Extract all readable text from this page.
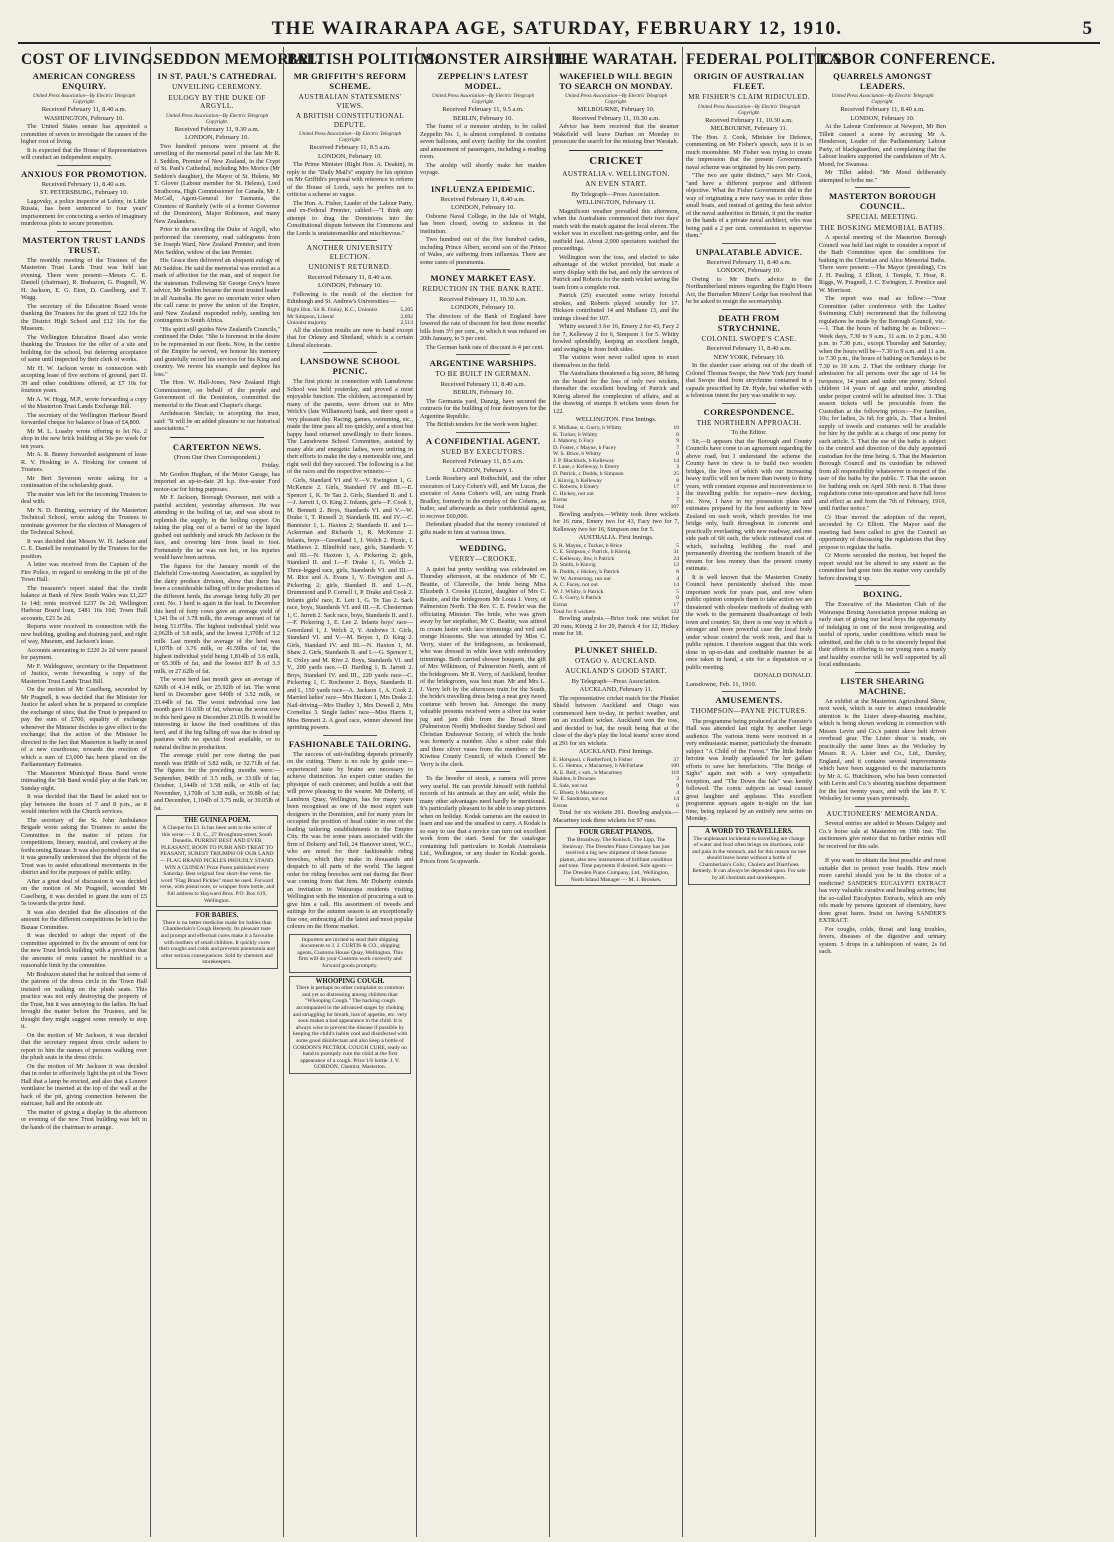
THE WAIRARAPA AGE, SATURDAY, FEBRUARY 12, 1910.	5
COST OF LIVING.
AMERICAN CONGRESS ENQUIRY.
United Press Association—By Electric Telegraph Copyright.
Received February 11, 8.40 a.m.
WASHINGTON, February 10.

The United States senate has appointed a committee of seven to investigate the causes of the higher cost of living.

It is expected that the House of Representatives will conduct an independent enquiry.

ANXIOUS FOR PROMOTION.
Received February 11, 8.40 a.m.
ST. PETERSBURG, February 10.

Lagovsky, a police inspector at Lubny, in Little Russia, has been sentenced to four years' imprisonment for concocting a series of imaginary murderous plots to secure promotion.

MASTERTON TRUST LANDS TRUST.

The monthly meeting of the Trustees of the Masterton Trust Lands Trust was held last evening. There were present:—Messrs C. E. Daniell (chairman), R. Brabazon, G. Pragnell, W. H. Jackson, E. G. Eton, D. Caselberg, and T. Wagg.

The secretary of the Education Board wrote thanking the Trustees for the grant of £22 10s for the District High School and £12 10s for the Museum.

The Wellington Education Board also wrote thanking the Trustees for the offer of a site and building for the school, but deferring acceptance of same until inspected by their clerk of works.

Mr H. W. Jackson wrote in connection with accepting lease of five sections of ground, part D. 39 and other conditions offered, at £7 10s for fourteen years.

Mr A. W. Hogg, M.P., wrote forwarding a copy of the Masterton Trust Lands Exchange Bill.

The secretary of the Wellington Harbour Board forwarded cheque for balance of loan of £4,800.

Mr M. L. Loasby wrote offering to let No. 2 shop in the new brick building at 50s per week for ten years.

Mr A. R. Bunny forwarded assignment of lease R. V. Hosking to A. Hosking for consent of Trustees.

Mr Bert Syverson wrote asking for a continuation of the scholarship grant.

The matter was left for the incoming Trustees to deal with.

Mr N. D. Bunting, secretary of the Masterton Technical School, wrote asking the Trustees to nominate governor for the election of Managers of the Technical School.

It was decided that Messrs W. H. Jackson and C. E. Daniell be nominated by the Trustees for the position.

A letter was received from the Captain of the Fire Police, in regard to smoking in the pit of the Town Hall.

The treasurer's report stated that the credit balance at Bank of New South Wales was £1,227 1s 14d; rents received £237 0s 2d; Wellington Harbour Board loan, £481 16s 10d; Town Hall accounts, £23 5s 2d.

Reports were received in connection with the new building, grading and draining yard, and right of way, Museum, and Jackson's lease.

Accounts amounting to £220 2s 2d were passed for payment.

Mr F. Waldegrave, secretary to the Department of Justice, wrote forwarding a copy of the Masterton Trust Lands Trust Bill.

On the motion of Mr Caselberg, seconded by Mr Pragnell, it was decided that the Minister for Justice be asked when he is prepared to complete the exchange of sites; that the Trust is prepared to pay the sum of £700, equality of exchange whenever the Minister decides to give effect to the exchange; that the action of the Minister be directed to the fact that Masterton is badly in need of a new courthouse, towards the erection of which a sum of £3,000 has been placed on the Parliamentary Estimates.

The Masterton Municipal Brass Band wrote intimating the 5th Band would play at the Park on Sunday night.

It was decided that the Band be asked not to play between the hours of 7 and 8 p.m., as it would interfere with the Church services.

The secretary of the St. John Ambulance Brigade wrote asking the Trustees to assist the Committee in the matter of prizes for competitions, literary, musical, and cookery at the forthcoming Bazaar. It was also pointed out that as it was generally understood that the objects of the Trust was to assist educational movements in the district and for the purposes of public utility.

After a great deal of discussion it was decided on the motion of Mr Pragnell, seconded Mr Caselberg, it was decided to grant the sum of £5 5s towards the prize fund.

It was also decided that the allocation of the amount for the different competitions be left to the Bazaar Committee.

It was decided to adopt the report of the committee appointed to fix the amount of rent for the new Trust brick building with a provision that the amounts of rents cannot be modified to a reasonable limit by the committee.

Mr Brabazon stated that he noticed that some of the patrons of the dress circle in the Town Hall insisted on walking on the plush seats. This practice was not only destroying the property of the Trust, but it was annoying to the ladies. He had brought the matter before the Trustees, and he thought they might suggest some remedy to stop it.

On the motion of Mr Jackson, it was decided that the secretary request dress circle ushers to report to him the names of persons walking over the plush seats in the dress circle.

On the motion of Mr Jackson it was decided that in order to effectively light the pit of the Town Hall that a lamp be erected, and also that a Louvre ventilator be inserted at the top of the wall at the back of the pit, giving connection between the staircase, hall and the outside air.

The matter of giving a display in the afternoon or evening of the new Trust building was left in the hands of the chairman to arrange.

SEDDON MEMORIAL.
IN ST. PAUL'S CATHEDRAL
UNVEILING CEREMONY.
EULOGY BY THE DUKE OF ARGYLL.
United Press Association—By Electric Telegraph Copyright.
Received February 11, 9.30 a.m.
LONDON, February 10.

Two hundred persons were present at the unveiling of the memorial panel of the late Mr R. J. Seddon, Premier of New Zealand, in the Crypt of St. Paul's Cathedral, including Mrs Morice (Mr Seddon's daughter), the Mayor of St. Helens, Mr T. Glover (Labour member for St. Helens), Lord Strathcona, High Commissioner for Canada, Mr J. McCall, Agent-General for Tasmania, the Countess of Ranfurly (wife of a former Governor of the Dominion), Major Robinson, and many New Zealanders.

Prior to the unveiling the Duke of Argyll, who performed the ceremony, read cablegrams from Sir Joseph Ward, New Zealand Premier, and from Mrs Seddon, widow of the late Premier.

His Grace then delivered an eloquent eulogy of Mr Seddon. He said the memorial was erected as a mark of affection for the man, and of respect for the statesman. Following Sir George Grey's brave advice, Mr Seddon became the most trusted leader in all Australia. He gave no uncertain voice when the call came to prove the union of the Empire, and New Zealand responded nobly, sending ten contingents to South Africa.

"His spirit still guides New Zealand's Councils," continued the Duke. "She is foremost in the desire to be represented in our fleets. Now, in the centre of the Empire he served, we honour his memory and gratefully record his services for his King and country. We revere his example and deplore his loss."

The Hon. W. Hall-Jones, New Zealand High Commissioner, on behalf of the people and Government of the Dominion, committed the memorial to the Dean and Chapter's charge.

Archdeacon Sinclair, in accepting the trust, said: "It will be an added pleasure to our historical associations."

CARTERTON NEWS.
(From Our Own Correspondent.)
Friday.

Mr Gordon Hughan, of the Motor Garage, has imported an up-to-date 20 h.p. five-seater Ford motor-car for hiring purposes.

Mr F. Jackson, Borough Overseer, met with a painful accident, yesterday afternoon. He was attending to the boiling of tar, and was about to replenish the supply, in the boiling copper. On taking the plug out of a barrel of tar the liquid gushed out suddenly and struck Mr Jackson in the face, and covering him from head to foot. Fortunately the tar was not hot, or his injuries would have been serious.

The figures for the January month of the Dalefield Cow-testing Association, as supplied by the dairy produce division, show that there has been a considerable falling off in the production of the different herds, the average being fully 20 per cent. No. 1 herd is again in the lead. In December this herd of forty cows gave an average yield of 1,341 lbs of 3.78 milk, the average amount of fat being 51.07lbs. The highest individual yield was 2,062lb of 3.8 milk, and the lowest 1,370lb of 3.2 milk. Last month the average of the herd was 1,107lb of 3.76 milk, or 41.59lbs of fat, the highest individual yield being 1,814lb of 3.6 milk, or 65.30lb of fat, and the lowest 837 lb of 3.3 milk, or 27.62lb of fat.

The worst herd last month gave an average of 626lb of 4.14 milk, or 25.92lb of fat. The worst herd in December gave 949lb of 3.52 milk, or 33.44lb of fat. The worst individual cow last month gave 16.03lb of fat, whereas the worst cow in this herd gave in December 23.01lb. It would be interesting to know the feed conditions of this herd, and if the big falling off was due to dried up pastures with no special food available, or to natural decline in production.

The average yield per cow during the past month was 858lb of 3.82 milk, or 32.71lb of fat. The figures for the preceding months were:—September, 840lb of 3.5 milk, or 33.0lb of fat; October, 1,144lb of 3.58 milk, or 41lb of fat; November, 1,170lb of 3.38 milk, or 39.8lb of fat; and December, 1,104lb of 3.75 milk, or 39.05lb of fat.

THE GUINEA POEM.
A Cheque for £1 1s has been sent to the writer of this verse:— J. B. C., 27 Broughton-street, South Dunedin. PURRIST BEST AND EVER PLEASANT, BOON TO PURR AND TREAT TO PEASANT, SUREST TRIUMPH OF OUR LAND— FLAG BRAND PICKLES PROUDLY STAND. WIN A GUINEA! Prize Poem published every Saturday. Best original four short-line verse, the word "Flag Brand Pickles" must be used. Forward verse, with postal note, or wrapper from bottle, and full address to Hayward Bros. P.O. Box 619, Wellington.
FOR BABIES.
There is no better medicine made for babies than Chamberlain's Cough Remedy. Its pleasant taste and prompt and effectual cures make it a favourite with mothers of small children. It quickly cures their coughs and colds and prevents pneumonia and other serious consequences. Sold by chemists and storekeepers.
BRITISH POLITICS.
MR GRIFFITH'S REFORM SCHEME.
AUSTRALIAN STATESMENS' VIEWS.
A BRITISH CONSTITUTIONAL DEPUTE.
United Press Association—By Electric Telegraph Copyright.
Received February 11, 8.5 a.m.
LONDON, February 10.

The Prime Minister (Right Hon. A. Deakin), in reply to the "Daily Mail's" enquiry for his opinion on Mr Griffith's proposal with reference to reform of the House of Lords, says he prefers not to criticise a scheme so vague.

The Hon. A. Fisher, Leader of the Labour Party, and ex-Federal Premier, cabled:—"I think any attempt to drag the Dominions into the Constitutional dispute between the Commons and the Lords is unstatesmanlike and mischievous."

ANOTHER UNIVERSITY ELECTION.
UNIONIST RETURNED.
Received February 11, 8.40 a.m.
LONDON, February 10.

Following is the result of the election for Edinburgh and St. Andrew's Universities:—

Right Hon. Sir R. Finlay, K.C., Unionist	5,205

Mr Simpson, Liberal	2,692

Unionist majority	2,513

All the election results are now to hand except that for Orkney and Shetland, which is a certain Liberal electorate.

LANSDOWNE SCHOOL PICNIC.

The first picnic in connection with Lansdowne School was held yesterday, and proved a most enjoyable function. The children, accompanied by many of the parents, were driven out to Mrs Welch's (late Williamson) bank, and there spent a very pleasant day. Racing, games, swimming, etc., made the time pass all too quickly, and a stout but happy band returned unwillingly to their homes. The Lansdowne School Committee, assisted by many able and energetic ladies, were untiring in their efforts to make the day a memorable one, and right well did they succeed. The following is a list of the races and the respective winners:—

Girls, Standard VI and V.—V. Ewington 1, G. McKenzie 2. Girls, Standard IV and III.—E. Spencer 1, K. Te Tau 2. Girls, Standard II. and I.—J. Jarrett 1, O. King 2. Infants, girls—F. Cook 1, M. Bennett 2. Boys, Standards VI. and V.—W. Drake 1, T. Russell 2; Standards III. and IV.—C. Bannister 1, L. Haxton 2; Standards II. and I.—Ackerman and Richards 1, R. McKenzie 2. Infants, boys—Greenland 1, J. Welch 2. Picnic, I. Matthews 2. Blindfold race, girls, Standards V. and III.—N. Haxton 1, A. Pickering 2; girls, Standard II. and I.—F. Drake 1, G. Welch 2. Three-legged race, girls, Standards VI. and III.—M. Rice and A. Evans 1, V. Ewington and A. Pickering 2; girls, Standard II. and I.—N. Drummond and P. Cornell 1, P. Drake and Cook 2. Infants girls' race, E. Lett 1, G. Te Tau 2. Sack race, boys, Standards VI. and III.—E. Chesterman 1, C. Jarrett 2. Sack race, boys, Standards II. and I.—F. Pickering 1, E. Lee 2. Infants boys' race—Greenland 1, J. Welch 2, Y. Andrews 3. Girls, Standard VI. and V.—M. Boyes 1, D. King 2. Girls, Standard IV. and III.—N. Haxton 1, M. Shaw 2. Girls, Standards II. and I.—G. Spencer 1, E. Oxley and M. Rive 2. Boys, Standards VI. and V., 200 yards race.—D. Harding 1, B. Jarrett 2. Boys, Standard IV. and III., 220 yards race—C. Pickering 1, C. Rochester 2. Boys, Standards II. and I., 150 yards race—A. Jackson 1, A. Cook 2. Married ladies' race—Mrs Haxton 1, Mrs Drake 2. Nail-driving—Mrs Dudley 1, Mrs Dowell 2, Mrs Cornelius 3. Single ladies' race—Miss Harris 1, Miss Bennett 2. A good race, winner showed fine sprinting powers.

FASHIONABLE TAILORING.

The success of suit-building depends primarily on the cutting. There is no rule by guide one—experienced taste by brains are necessary to achieve distinction. An expert cutter studies the physique of each customer, and builds a suit that will prove pleasing to the wearer. Mr Doherty, of Lambton Quay, Wellington, has for many years been recognised as one of the most expert suit designers in the Dominion, and for many years he occupied the position of head cutter in one of the leading tailoring establishments in the Empire City. He was for some years associated with the firm of Doherty and Tell, 24 Hanover street, W.C., who are noted for their fashionable riding breeches, which they make in thousands and despatch to all parts of the world. The largest order for riding breeches sent out during the Boer war coming from that firm. Mr Doherty extends an invitation to Wairarapa residents visiting Wellington with the intention of procuring a suit to give him a call. His assortment of tweeds and suitings for the autumn season is an exceptionally fine one, embracing all the latest and most popular colours on the Home market.

Importers are invited to send their shipping documents to J. J. CURTIS & CO., shipping agents, Customs House Quay, Wellington. This firm will do your Customs work correctly and forward goods promptly.
WHOOPING COUGH.
There is perhaps no other complaint so common and yet so distressing among children than "Whooping Cough." The hacking cough accompanied in the advanced stages by choking and struggling for breath, loss of appetite, etc. very soon makes a bad appearance in the child. It is always wise to prevent the disease if possible by keeping the child's habits cool and disinfected with some good disinfectant and also keep a bottle of GORDON'S PECTROL COUGH CURE, ready on hand to promptly cure the child at the first appearance of a cough. Price 1/6 bottle. J. V. GORDON, Chemist, Masterton.
MONSTER AIRSHIP.
ZEPPELIN'S LATEST MODEL.
United Press Association—By Electric Telegraph Copyright.
Received February 11, 9.5 a.m.
BERLIN, February 10.

The frame of a monster airship, to be called Zeppelin No. 1, is almost completed. It contains seven balloons, and every facility for the comfort and amusement of passengers, including a reading room.

The airship will shortly make her maiden voyage.

INFLUENZA EPIDEMIC.
Received February 11, 8.40 a.m.
LONDON, February 10.

Osborne Naval College, in the Isle of Wight, has been closed, owing to sickness in the institution.

Two hundred out of the five hundred cadets, including Prince Albert, second son of the Prince of Wales, are suffering from influenza. There are some cases of pneumonia.

MONEY MARKET EASY.
REDUCTION IN THE BANK RATE.
Received February 11, 10.30 a.m.
LONDON, February 10.

The directors of the Bank of England have lowered the rate of discount for best three months' bills from 3½ per cent., to which it was reduced on 20th January, to 3 per cent.

The German bank rate of discount is 4 per cent.

ARGENTINE WARSHIPS.
TO BE BUILT IN GERMAN.
Received February 11, 8.40 a.m.
BERLIN, February 10.

The Germania yard, Danzig, have secured the contracts for the building of four destroyers for the Argentine Republic.

The British tenders for the work were higher.

A CONFIDENTIAL AGENT.
SUED BY EXECUTORS.
Received February 11, 8.5 a.m.
LONDON, February 1.

Lords Rosebery and Rothschild, and the other executors of Lucy Cohen's will, and Mr Lucas, the executor of Anna Cohen's will, are suing Frank Bradley, formerly in the employ of the Cohens, as butler, and afterwards as their confidential agent, to recover £60,000.

Defendant pleaded that the money consisted of gifts made to him at various times.

WEDDING.
VERRY—CROOKE.

A quiet but pretty wedding was celebrated on Thursday afternoon, at the residence of Mr C. Beattie, of Clareville, the bride being Miss Elizabeth J. Crooke (Lizzie), daughter of Mrs C. Beattie, and the bridegroom Mr Louis J. Verry, of Palmerston North. The Rev. C. E. Fowler was the officiating Minister. The bride, who was given away by her stepfather, Mr C. Beattie, was attired in cream lustre with lace trimmings and veil and orange blossoms. She was attended by Miss C. Verry, sister of the bridegroom, as bridesmaid, who was dressed in white lawn with embroidery trimmings. Both carried shower bouquets, the gift of Mrs Wilkinson, of Palmerston North, aunt of the bridegroom. Mr R. Verry, of Auckland, brother of the bridegroom, was best man. Mr and Mrs L. J. Verry left by the afternoon train for the South, the bride's travelling dress being a neat grey tweed costume with brown hat. Amongst the many valuable presents received were a silver tea water jug and jam dish from the Broad Street (Palmerston North) Methodist Sunday School and Christian Endeavour Society, of which the bride was formerly a member. Also a silver cake dish and three silver vases from the members of the Kiwitea County Council, of which Council Mr Verry is the clerk.

To the breeder of stock, a camera will prove very useful. He can provide himself with faithful records of his animals as they are sold, while the many other advantages need hardly be mentioned. It's particularly pleasant to be able to snap pictures when on holiday. Kodak cameras are the easiest to learn and use and the smallest to carry. A Kodak is so easy to use that a novice can turn out excellent work from the start. Send for the catalogue containing full particulars to Kodak Australasia Ltd., Wellington, or any dealer in Kodak goods. Prices from 5s upwards.

THE WARATAH.
WAKEFIELD WILL BEGIN TO SEARCH ON MONDAY.
United Press Association—By Electric Telegraph Copyright.
MELBOURNE, February 10.
Received February 11, 10.30 a.m.

Advice has been received that the steamer Wakefield will leave Durban on Monday to prosecute the search for the missing liner Waratah.

CRICKET
AUSTRALIA v. WELLINGTON.
AN EVEN START.
By Telegraph—Press Association.
WELLINGTON, February 11.

Magnificent weather prevailed this afternoon, when the Australians commenced their two days' match with the match against the local eleven. The wicket was in excellent run-getting order, and the outfield fast. About 2,000 spectators watched the proceedings.

Wellington won the toss, and elected to take advantage of the wicket provided, but made a sorry display with the bat, and only the services of Patrick and Roberts for the ninth wicket saving the team from a complete rout.

Patrick (25) executed some wristy forceful strokes, and Roberts played soundly for 17. Hickson contributed 14 and Midlane 13, and the innings closed for 107.

Whitty secured 3 for 16, Emery 2 for 43, Facy 2 for 7, Kelleway 2 for 6, Simpson 1 for 5. Whitty bowled splendidly, keeping an excellent length, and swinging in from both sides.

The visitors were never called upon to exert themselves in the field.

The Australians threatened a big score, 88 being on the board for the loss of only two wickets, thereafter the excellent bowling of Patrick and Kinvig altered the complexion of affairs, and at the drawing of stumps 8 wickets were down for 122.

WELLINGTON. First Innings.

F. Midlane, st. Gorry, b Whitty	10

K. Tucker, b Whitty	0

J. Mahony, b Facy	9

D. Foster, c Mayne, b Facey	7

W. S. Brice, b Whitty	0

J. P. Blacklock, b Kelleway	14

F. Lane, c Kelleway, b Emery	3

D. Patrick, c Dodds, b Simpson	25

J. Kinvig, b Kelleway	8

C. Roberts, b Emery	17

C. Hickey, not out	3

Extras	7

Total	107

Bowling analysis.—Whitty took three wickets for 16 runs, Emery two for 43, Facy two for 7, Kelleway two for 16, Simpson one for 5.

AUSTRALIA. First Innings.

S. R. Mayne, c Tucker, b Brice	5

C. E. Simpson, c Patrick, b Kinvig	31

C. Kelleway, lbw, b Patrick	24

D. Smith, b Kinvig	13

R. Dodds, c Hickey, b Patrick	8

W. W. Armstrong, run out	4

A. C. Facey, not out	14

W. J. Whitty, b Patrick	5

C. S. Gorry, b Patrick	0

Extras	17

Total for 8 wickets	122

Bowling analysis.—Brice took one wicket for 20 runs, Kinvig 2 for 29, Patrick 4 for 12, Hickey none for 18.

PLUNKET SHIELD.
OTAGO v. AUCKLAND.
AUCKLAND'S GOOD START.
By Telegraph—Press Association.
AUCKLAND, February 11.

The representative cricket match for the Plunket Shield between Auckland and Otago was commenced here to-day, in perfect weather, and on an excellent wicket. Auckland won the toss, and decided to bat, the result being that at the close of the day's play the local teams' score stood at 291 for six wickets.

AUCKLAND. First Innings.

E. Horspool, c Rutherford, b Fisher	37

L. G. Hemus, c Macartney, b McFarlane	100

A. E. Relf, c sub., b Macartney	118

Hadden, b Downes	3

E. Sale, not out	9

C. Bluett, b Macartney	4

W. E. Sandiston, not out	14

Extras	6

Total for six wickets 291. Bowling analysis.—Macartney took three wickets for 97 runs.

FOUR GREAT PIANOS.
The Broadway, The Ronisch, The Lipp, The Steinway. The Dresden Piano Company has just received a big new shipment of these famous pianos, also new instruments of brilliant condition and tone. Time payments if desired. Sole agents — The Dresden Piano Company, Ltd., Wellington, North Island Manager — M. J. Brookes.
FEDERAL POLITICS.
ORIGIN OF AUSTRALIAN FLEET.
MR FISHER'S CLAIM RIDICULED.
United Press Association—By Electric Telegraph Copyright.
Received February 11, 10.30 a.m.
MELBOURNE, February 11.

The Hon. J. Cook, Minister for Defence, commenting on Mr Fisher's speech, says it is so much moonshine. Mr Fisher was trying to create the impression that the present Government's naval scheme was originated by his own party.

"The two are quite distinct," says Mr Cook, "and have a different purpose and different objective. What the Fisher Government did in the way of originating a new navy was to order three small boats, and instead of getting the best advice of the naval authorities in Britain, it put the matter in the hands of a private naval architect, who was being paid a 2 per cent. commission to supervise them."

UNPALATABLE ADVICE.
Received February 11, 8.40 a.m.
LONDON, February 10.

Owing to Mr Burt's advice to the Northumberland miners regarding the Eight Hours Act, the Burradon Miners' Lodge has resolved that he be asked to resign the secretaryship.

DEATH FROM STRYCHNINE.
COLONEL SWOPE'S CASE.
Received February 11, 8.40 a.m.
NEW YORK, February 10.

In the slander case arising out of the death of Colonel Thomas Swope, the New York jury found that Swope died from strychnine contained in a capsule prescribed by Dr. Hyde, but whether with a felonious intent the jury was unable to say.

CORRESPONDENCE.
THE NORTHERN APPROACH.
To the Editor.

Sir,—It appears that the Borough and County Councils have come to an agreement regarding the above road, but I understand the scheme the County have in view is to build two wooden bridges, the lives of which with our increasing heavy traffic will not be more than twenty to thirty years, with constant expense and inconvenience to the travelling public for repairs—new decking, etc. Now, I have in my possession plans and estimates prepared by the best authority in New Zealand on such work, which provides for one bridge only, built throughout in concrete and practically everlasting, with new roadway, and one side path of 6ft each, the whole estimated cost of which, including building the road and permanently diverting the northern branch of the stream for less money than the present county estimate.

It is well known that the Masterton County Council have persistently shelved this most important work for years past, and now when public opinion compels them to take action we are threatened with obsolete methods of dealing with the work to the permanent disadvantage of both town and country. Sir, there is one way in which a stronger and more powerful case the local body under whose control the work rests, and that is public opinion. I therefore suggest that this work done in up-to-date and creditable manner be at once taken in hand, a site for a deputation or a public meeting.

DONALD DONALD.
Lansdowne, Feb. 11, 1910.
AMUSEMENTS.
THOMPSON—PAYNE PICTURES.

The programme being produced at the Forester's Hall was attended last night by another large audience. The various items were received in a very enthusiastic manner, particularly the dramatic subject "A Child of the Forest." The little Indian heroine was loudly applauded for her gallant efforts to save her benefactors. "The Bridge of Sighs" again met with a very sympathetic reception, and "The Down the Isle" was keenly followed. The comic subjects as usual caused great laughter and applause. This excellent programme appears again to-night on the last time, being replaced by an entirely new series on Monday.

A WORD TO TRAVELLERS.
The unpleasant incidental to travelling are change of water and food often brings on diarrhoea, colic and pain in the stomach, and for this reason no one should leave home without a bottle of Chamberlain's Colic, Cholera and Diarrhoea Remedy. It can always be depended upon. For sale by all chemists and storekeepers.
LABOR CONFERENCE.
QUARRELS AMONGST LEADERS.
United Press Association—By Electric Telegraph Copyright.
Received February 11, 8.40 a.m.
LONDON, February 10.

At the Labour Conference at Newport, Mr Ben Tillett caused a scene by accusing Mr A. Henderson, Leader of the Parliamentary Labour Party, of blackguardism, and complaining that the Labour leaders supported the candidature of Mr A. Mond, for Swansea.

Mr Tillet added: "Mr Mond deliberately attempted to bribe me."

MASTERTON BOROUGH COUNCIL.
SPECIAL MEETING.
THE BOSKING MEMORIAL BATHS.

A special meeting of the Masterton Borough Council was held last night to consider a report of the Bath Committee upon the conditions for bathing in the Christian and Alice Memorial Baths. There were present:—The Mayor (presiding), Crs J. H. Pauling, J. Elliott, J. Temple, T. Hoar, R. Riggs, W. Pragnell, J. C. Ewington, J. Prentice and W. Morrison.

The report was read as follow:—"Your Committee (after conference with the Ladies' Swimming Club) recommend that the following regulations be made by the Borough Council, viz.:—1. That the hours of bathing be as follows:—Week days, 7.30 to 9 a.m., 11 a.m. to 2 p.m., 4.30 p.m. to 7.30 p.m., except Thursday and Saturday, when the hours will be—7.30 to 9 a.m. and 11 a.m. to 7.30 p.m., the hours of bathing on Sundays to be 7.30 to 10 a.m. 2. That the ordinary charge for admission for all persons over the age of 14 be twopence, 14 years and under one penny. School children 14 years of age and under, attending under proper control will be admitted free. 3. That season tickets will be procurable from the Custodian at the following prices:—For families, 10s; for ladies, 2s 6d; for girls, 2s. That a limited supply of towels and costumes will be available for hire by the public at a charge of one penny for each article. 5. That the use of the baths is subject to the control and direction of the duly appointed custodian for the time being. 6. That the Masterton Borough Council and its custodian be relieved from all responsibility whatsoever in respect of the user of the baths by the public. 7. That the season for bathing ends on April 30th next. 8. That these regulations come into operation and have full force and effect as and from the 7th of February, 1910, until further notice."

Cr Hoar moved the adoption of the report, seconded by Cr Elliott. The Mayor said the meeting had been called to give the Council an opportunity of discussing the regulations that they propose to regulate the baths.

Cr Morris seconded the motion, but hoped the report would not be altered to any extent as the committee had gone into the matter very carefully before drawing it up.

BOXING.

The Executive of the Masterton Club of the Wairarapa Boxing Association propose making an early start of giving our local boys the opportunity of indulging in one of the most invigorating and useful of sports, under conditions which must be admitted, and the club is to be sincerely hoped that their efforts in offering to our young men a manly and healthy exercise will be well supported by all local enthusiasts.

LISTER SHEARING MACHINE.

An exhibit at the Masterton Agricultural Show, next week, which is sure to attract considerable attention is the Lister sheep-shearing machine, which is being shown working in connection with Messrs Levin and Co.'s patent skew belt driven overhead gear. The Lister shear is made, on practically the same lines as the Wolseley by Messrs R. A. Lister and Co., Ltd., Dursley, England, and it contains several improvements which have been suggested to the manufacturers by Mr A. G. Hutchinson, who has been connected with Levin and Co.'s shearing machine department for the last twenty years, and with the late F. Y. Wolseley for some years previously.

AUCTIONEERS' MEMORANDA.

Several entries are added to Messrs Dalgety and Co.'s horse sale at Masterton on 19th inst. The auctioneers give notice that no further entries will be received for this sale.

If you want to obtain the best possible and most suitable diet to protect your health. How much more careful should you be in the choice of a medicine? SANDER'S EUCALYPTI EXTRACT has very valuable curative and healing actions; but the so-called Eucalyptus Extracts, which are only oils made by persons ignorant of chemistry, have done great harm. Insist on having SANDER'S EXTRACT.

For coughs, colds, throat and lung troubles, fevers, diseases of the digestive and urinary system. 5 drops in a tablespoon of water, 2s 6d each.
